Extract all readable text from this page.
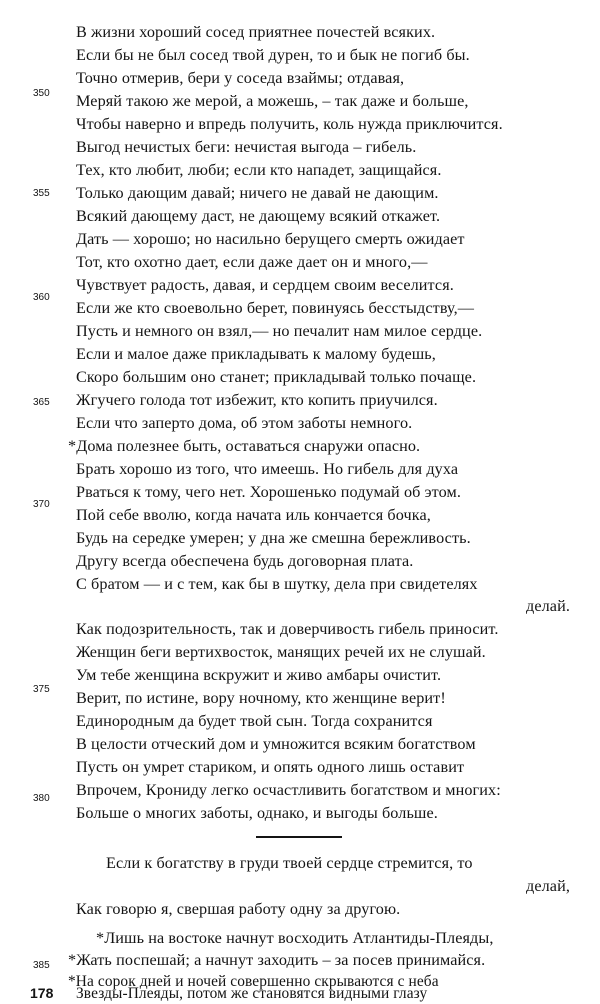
В жизни хороший сосед приятнее почестей всяких.
Если бы не был сосед твой дурен, то и бык не погиб бы.
Точно отмерив, бери у соседа взаймы; отдавая,
350 Меряй такою же мерой, а можешь, – так даже и больше,
Чтобы наверно и впредь получить, коль нужда приключится.
Выгод нечистых беги: нечистая выгода – гибель.
Тех, кто любит, люби; если кто нападет, защищайся.
Только дающим давай; ничего не давай не дающим.
355
Всякий дающему даст, не дающему всякий откажет.
Дать — хорошо; но насильно берущего смерть ожидает
Тот, кто охотно дает, если даже дает он и много,—
Чувствует радость, давая, и сердцем своим веселится.
360
Если же кто своевольно берет, повинуясь бесстыдству,—
Пусть и немного он взял,— но печалит нам милое сердце.
Если и малое даже прикладывать к малому будешь,
Скоро большим оно станет; прикладывай только почаще.
Жгучего голода тот избежит, кто копить приучился.
365
Если что заперто дома, об этом заботы немного.
*Дома полезнее быть, оставаться снаружи опасно.
Брать хорошо из того, что имеешь. Но гибель для духа
Рваться к тому, чего нет. Хорошенько подумай об этом.
370
Пой себе вволю, когда начата иль кончается бочка,
Будь на середке умерен; у дна же смешна бережливость.
Другу всегда обеспечена будь договорная плата.
С братом — и с тем, как бы в шутку, дела при свидетелях
делай.
Как подозрительность, так и доверчивость гибель приносит.
Женщин беги вертихвосток, манящих речей их не слушай.
Ум тебе женщина вскружит и живо амбары очистит.
375 Верит, по истине, вору ночному, кто женщине верит!
Единородным да будет твой сын. Тогда сохранится
В целости отческий дом и умножится всяким богатством
Пусть он умрет стариком, и опять одного лишь оставит
Впрочем, Крониду легко осчастливить богатством и многих:
380
Больше о многих заботы, однако, и выгоды больше.
Если к богатству в груди твоей сердце стремится, то
делай,
Как говорю я, свершая работу одну за другою.
*Лишь на востоке начнут восходить Атлантиды-Плеяды,
*Жать поспешай; а начнут заходить – за посев принимайся.
385
*На сорок дней и ночей совершенно скрываются с неба
Звезды-Плеяды, потом же становятся видными глазу
178
